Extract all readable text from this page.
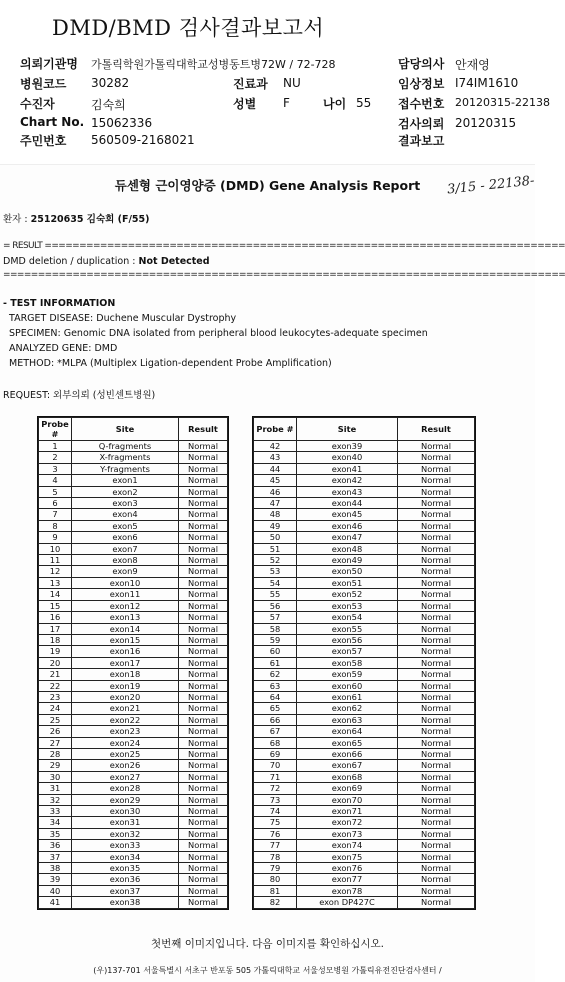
DMD/BMD 검사결과보고서
의뢰기관명 가톨릭학원가톨릭대학교성병동트병72W / 72-728	담당의사 안재영
병원코드 30282	진료과 NU	임상정보 I74IM1610
수진자	김숙희	성별 F	나이 55 접수번호 20120315-22138
Chart No. 15062336	검사의뢰 20120315
주민번호 560509-2168021	결과보고
듀센형 근이영양증 (DMD) Gene Analysis Report	3/15 - 22138-
환자 : 25120635 김숙희 (F/55)
= RESULT ===========================================================================
DMD deletion / duplication : Not Detected
=================================================================================
- TEST INFORMATION
TARGET DISEASE: Duchene Muscular Dystrophy
SPECIMEN: Genomic DNA isolated from peripheral blood leukocytes-adequate specimen
ANALYZED GENE: DMD
METHOD: *MLPA (Multiplex Ligation-dependent Probe Amplification)
REQUEST: 외부의뢰 (성빈센트병원)
Probe #	Site	Result
1	Q-fragments	Normal
2	X-fragments	Normal
3	Y-fragments	Normal
4	exon1	Normal
5	exon2	Normal
6	exon3	Normal
7	exon4	Normal
8	exon5	Normal
9	exon6	Normal
10	exon7	Normal
11	exon8	Normal
12	exon9	Normal
13	exon10	Normal
14	exon11	Normal
15	exon12	Normal
16	exon13	Normal
17	exon14	Normal
18	exon15	Normal
19	exon16	Normal
20	exon17	Normal
21	exon18	Normal
22	exon19	Normal
23	exon20	Normal
24	exon21	Normal
25	exon22	Normal
26	exon23	Normal
27	exon24	Normal
28	exon25	Normal
29	exon26	Normal
30	exon27	Normal
31	exon28	Normal
32	exon29	Normal
33	exon30	Normal
34	exon31	Normal
35	exon32	Normal
36	exon33	Normal
37	exon34	Normal
38	exon35	Normal
39	exon36	Normal
40	exon37	Normal
41	exon38	Normal
Probe #	Site	Result
42	exon39	Normal
43	exon40	Normal
44	exon41	Normal
45	exon42	Normal
46	exon43	Normal
47	exon44	Normal
48	exon45	Normal
49	exon46	Normal
50	exon47	Normal
51	exon48	Normal
52	exon49	Normal
53	exon50	Normal
54	exon51	Normal
55	exon52	Normal
56	exon53	Normal
57	exon54	Normal
58	exon55	Normal
59	exon56	Normal
60	exon57	Normal
61	exon58	Normal
62	exon59	Normal
63	exon60	Normal
64	exon61	Normal
65	exon62	Normal
66	exon63	Normal
67	exon64	Normal
68	exon65	Normal
69	exon66	Normal
70	exon67	Normal
71	exon68	Normal
72	exon69	Normal
73	exon70	Normal
74	exon71	Normal
75	exon72	Normal
76	exon73	Normal
77	exon74	Normal
78	exon75	Normal
79	exon76	Normal
80	exon77	Normal
81	exon78	Normal
82	exon DP427C	Normal
첫번째 이미지입니다. 다음 이미지를 확인하십시오.
(우)137-701 서울특별시 서초구 반포동 505 가톨릭대학교 서울성모병원 가톨릭유전진단검사센터 /
